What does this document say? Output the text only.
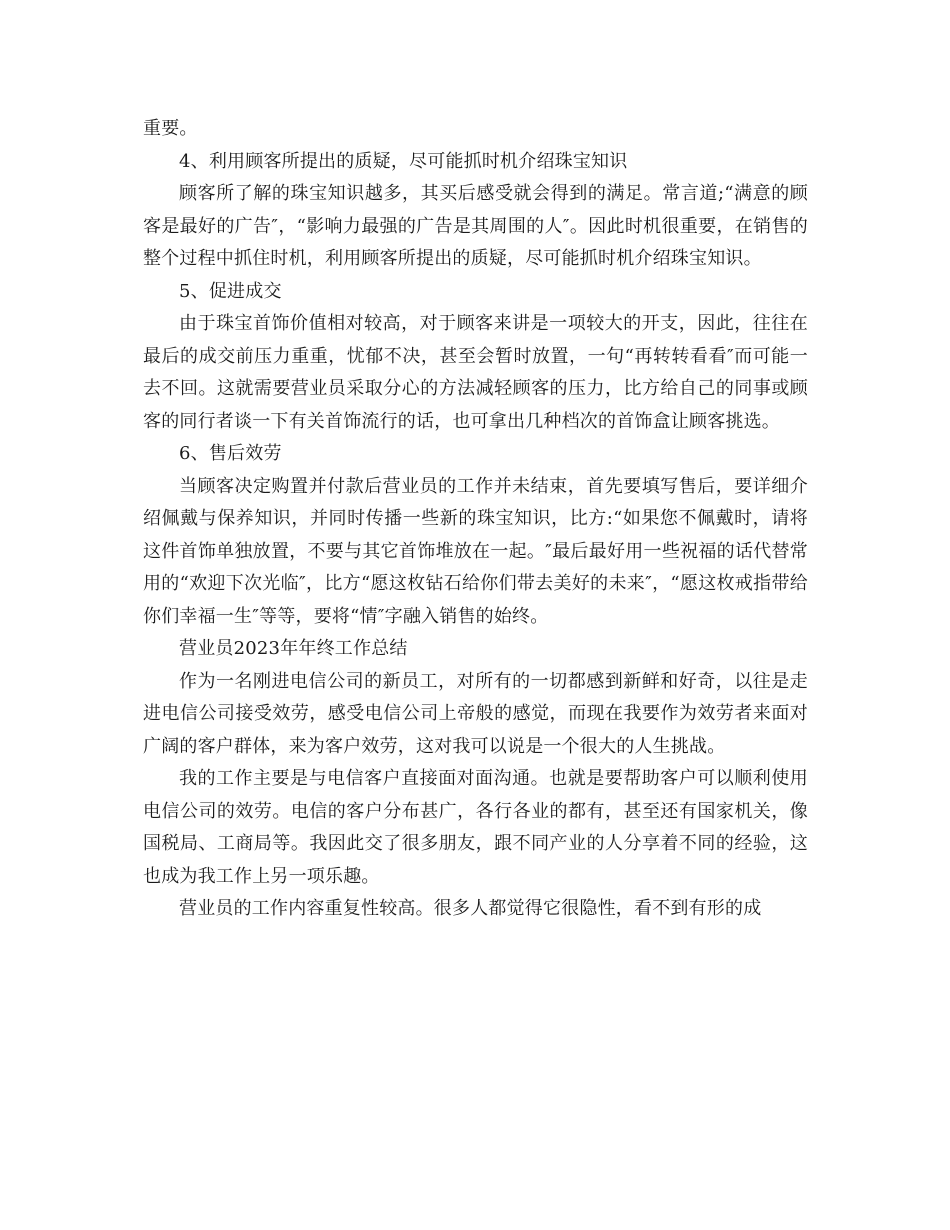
重要。

4、利用顾客所提出的质疑，尽可能抓时机介绍珠宝知识

顾客所了解的珠宝知识越多，其买后感受就会得到的满足。常言道;“满意的顾客是最好的广告″，“影响力最强的广告是其周围的人″。因此时机很重要，在销售的整个过程中抓住时机，利用顾客所提出的质疑，尽可能抓时机介绍珠宝知识。

5、促进成交

由于珠宝首饰价值相对较高，对于顾客来讲是一项较大的开支，因此，往往在最后的成交前压力重重，忧郁不决，甚至会暂时放置，一句“再转转看看″而可能一去不回。这就需要营业员采取分心的方法减轻顾客的压力，比方给自己的同事或顾客的同行者谈一下有关首饰流行的话，也可拿出几种档次的首饰盒让顾客挑选。

6、售后效劳

当顾客决定购置并付款后营业员的工作并未结束，首先要填写售后，要详细介绍佩戴与保养知识，并同时传播一些新的珠宝知识，比方:“如果您不佩戴时，请将这件首饰单独放置，不要与其它首饰堆放在一起。″最后最好用一些祝福的话代替常用的“欢迎下次光临″，比方“愿这枚钻石给你们带去美好的未来″，“愿这枚戒指带给你们幸福一生″等等，要将“情″字融入销售的始终。

营业员2023年年终工作总结

作为一名刚进电信公司的新员工，对所有的一切都感到新鲜和好奇，以往是走进电信公司接受效劳，感受电信公司上帝般的感觉，而现在我要作为效劳者来面对广阔的客户群体，来为客户效劳，这对我可以说是一个很大的人生挑战。

我的工作主要是与电信客户直接面对面沟通。也就是要帮助客户可以顺利使用电信公司的效劳。电信的客户分布甚广，各行各业的都有，甚至还有国家机关，像国税局、工商局等。我因此交了很多朋友，跟不同产业的人分享着不同的经验，这也成为我工作上另一项乐趣。

营业员的工作内容重复性较高。很多人都觉得它很隐性，看不到有形的成
